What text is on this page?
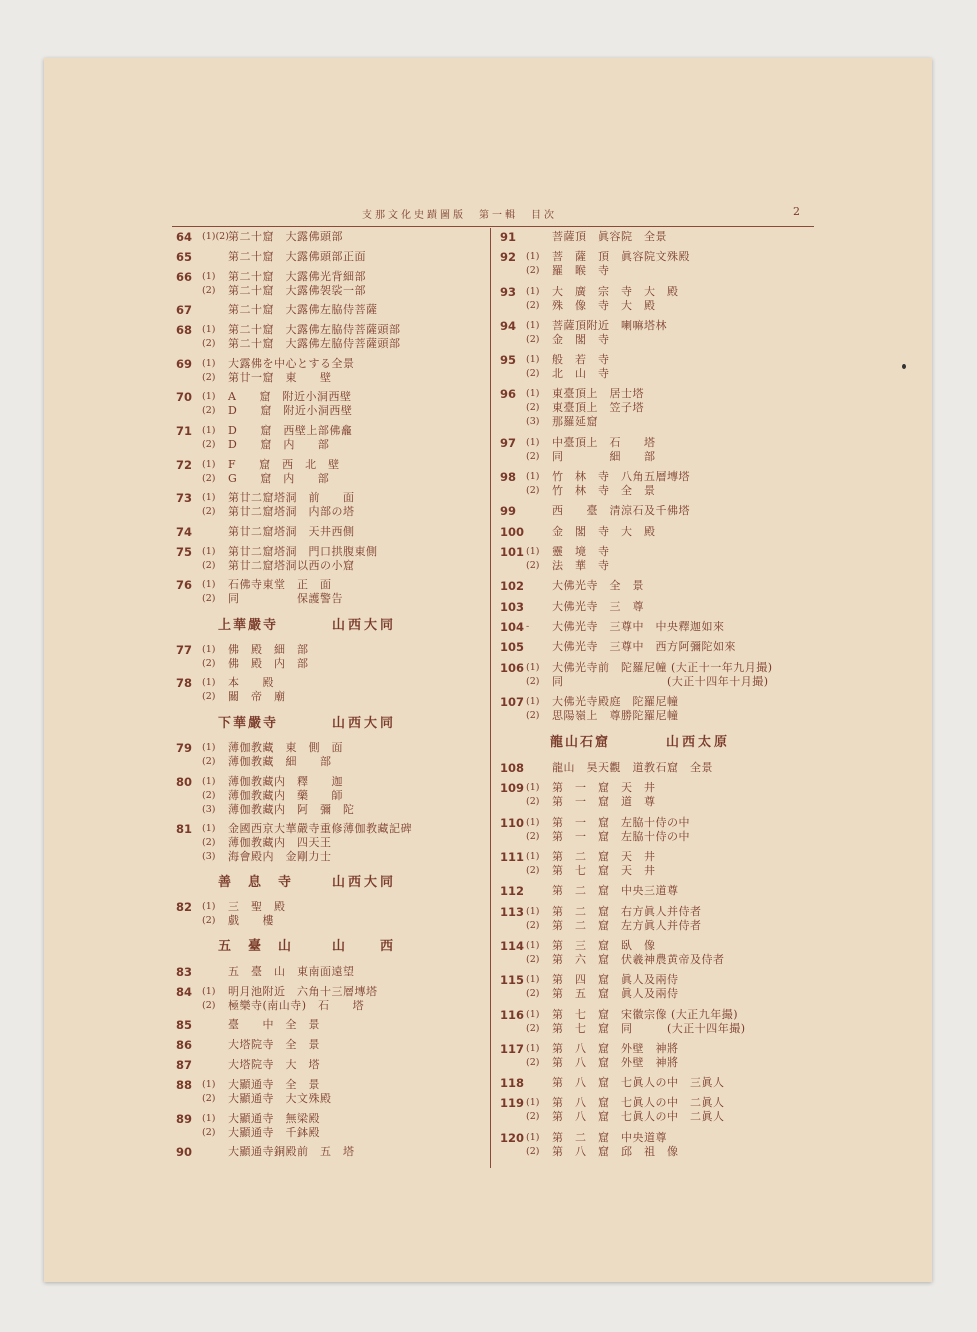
支那文化史蹟圖版　第一輯　目次	2
64	(1)(2) 第二十窟　大露佛頭部
65	第二十窟　大露佛頭部正面
66	(1) 第二十窟　大露佛光背細部
(2) 第二十窟　大露佛袈裟一部
67	第二十窟　大露佛左脇侍菩薩
68	(1) 第二十窟　大露佛左脇侍菩薩頭部
(2) 第二十窟　大露佛左脇侍菩薩頭部
69	(1) 大露佛を中心とする全景
(2) 第廿一窟　東　　壁
70	(1) A　　窟　附近小洞西壁
(2) D　　窟　附近小洞西壁
71	(1) D　　窟　西壁上部佛龕
(2) D　　窟　内　　部
72	(1) F　　窟　西　北　壁
(2) G　　窟　内　　部
73	(1) 第廿二窟塔洞　前　　面
(2) 第廿二窟塔洞　内部の塔
74	第廿二窟塔洞　天井西側
75	(1) 第廿二窟塔洞　門口拱腹東側
(2) 第廿二窟塔洞以西の小窟
76	(1) 石佛寺東堂　正　面
(2) 同　　　　　保護警告
上華嚴寺	山西大同
77	(1) 佛　殿　細　部
(2) 佛　殿　内　部
78	(1) 本　　殿
(2) 關　帝　廟
下華嚴寺	山西大同
79	(1) 薄伽教藏　東　側　面
(2) 薄伽教藏　細　　部
80	(1) 薄伽教藏内　釋　　迦
(2) 薄伽教藏内　藥　　師
(3) 薄伽教藏内　阿　彌　陀
81	(1) 金國西京大華嚴寺重修薄伽教藏記碑
(2) 薄伽教藏内　四天王
(3) 海會殿内　金剛力士
善　息　寺	山西大同
82	(1) 三　聖　殿
(2) 戲　　樓
五　臺　山	山　　西
83	五　臺　山　東南面遠望
84	(1) 明月池附近　六角十三層塼塔
(2) 極樂寺(南山寺)　石　　塔
85	臺　　中　全　景
86	大塔院寺　全　景
87	大塔院寺　大　塔
88	(1) 大顯通寺　全　景
(2) 大顯通寺　大文殊殿
89	(1) 大顯通寺　無梁殿
(2) 大顯通寺　千鉢殿
90	大顯通寺銅殿前　五　塔
91	菩薩頂　眞容院　全景
92	(1) 菩　薩　頂　眞容院文殊殿
(2) 羅　睺　寺
93	(1) 大　廣　宗　寺　大　殿
(2) 殊　像　寺　大　殿
94	(1) 菩薩頂附近　喇嘛塔林
(2) 金　閣　寺
95	(1) 般　若　寺
(2) 北　山　寺
96	(1) 東臺頂上　居士塔
(2) 東臺頂上　笠子塔
(3) 那羅延窟
97	(1) 中臺頂上　石　　塔
(2) 同　　　　細　　部
98	(1) 竹　林　寺　八角五層塼塔
(2) 竹　林　寺　全　景
99	西　　臺　清涼石及千佛塔
100	金　閣　寺　大　殿
101 (1) 靈　境　寺
(2) 法　華　寺
102	大佛光寺　全　景
103	大佛光寺　三　尊
104 - 大佛光寺　三尊中　中央釋迦如來
105	大佛光寺　三尊中　西方阿彌陀如來
106 (1) 大佛光寺前　陀羅尼幢 (大正十一年九月撮)
(2) 同　　　　　　　　　(大正十四年十月撮)
107 (1) 大佛光寺殿庭　陀羅尼幢
(2) 思陽嶺上　尊勝陀羅尼幢
龍山石窟	山西太原
108	龍山　昊天觀　道教石窟　全景
109 (1) 第　一　窟　天　井
(2) 第　一　窟　道　尊
110 (1) 第　一　窟　左脇十侍の中
(2) 第　一　窟　左脇十侍の中
111 (1) 第　二　窟　天　井
(2) 第　七　窟　天　井
112	第　二　窟　中央三道尊
113 (1) 第　二　窟　右方眞人并侍者
(2) 第　二　窟　左方眞人并侍者
114 (1) 第　三　窟　臥　像
(2) 第　六　窟　伏羲神農黄帝及侍者
115 (1) 第　四　窟　眞人及兩侍
(2) 第　五　窟　眞人及兩侍
116 (1) 第　七　窟　宋徽宗像 (大正九年撮)
(2) 第　七　窟　同　　　(大正十四年撮)
117 (1) 第　八　窟　外壁　神將
(2) 第　八　窟　外壁　神將
118	第　八　窟　七眞人の中　三眞人
119 (1) 第　八　窟　七眞人の中　二眞人
(2) 第　八　窟　七眞人の中　二眞人
120 (1) 第　二　窟　中央道尊
(2) 第　八　窟　邱　祖　像
